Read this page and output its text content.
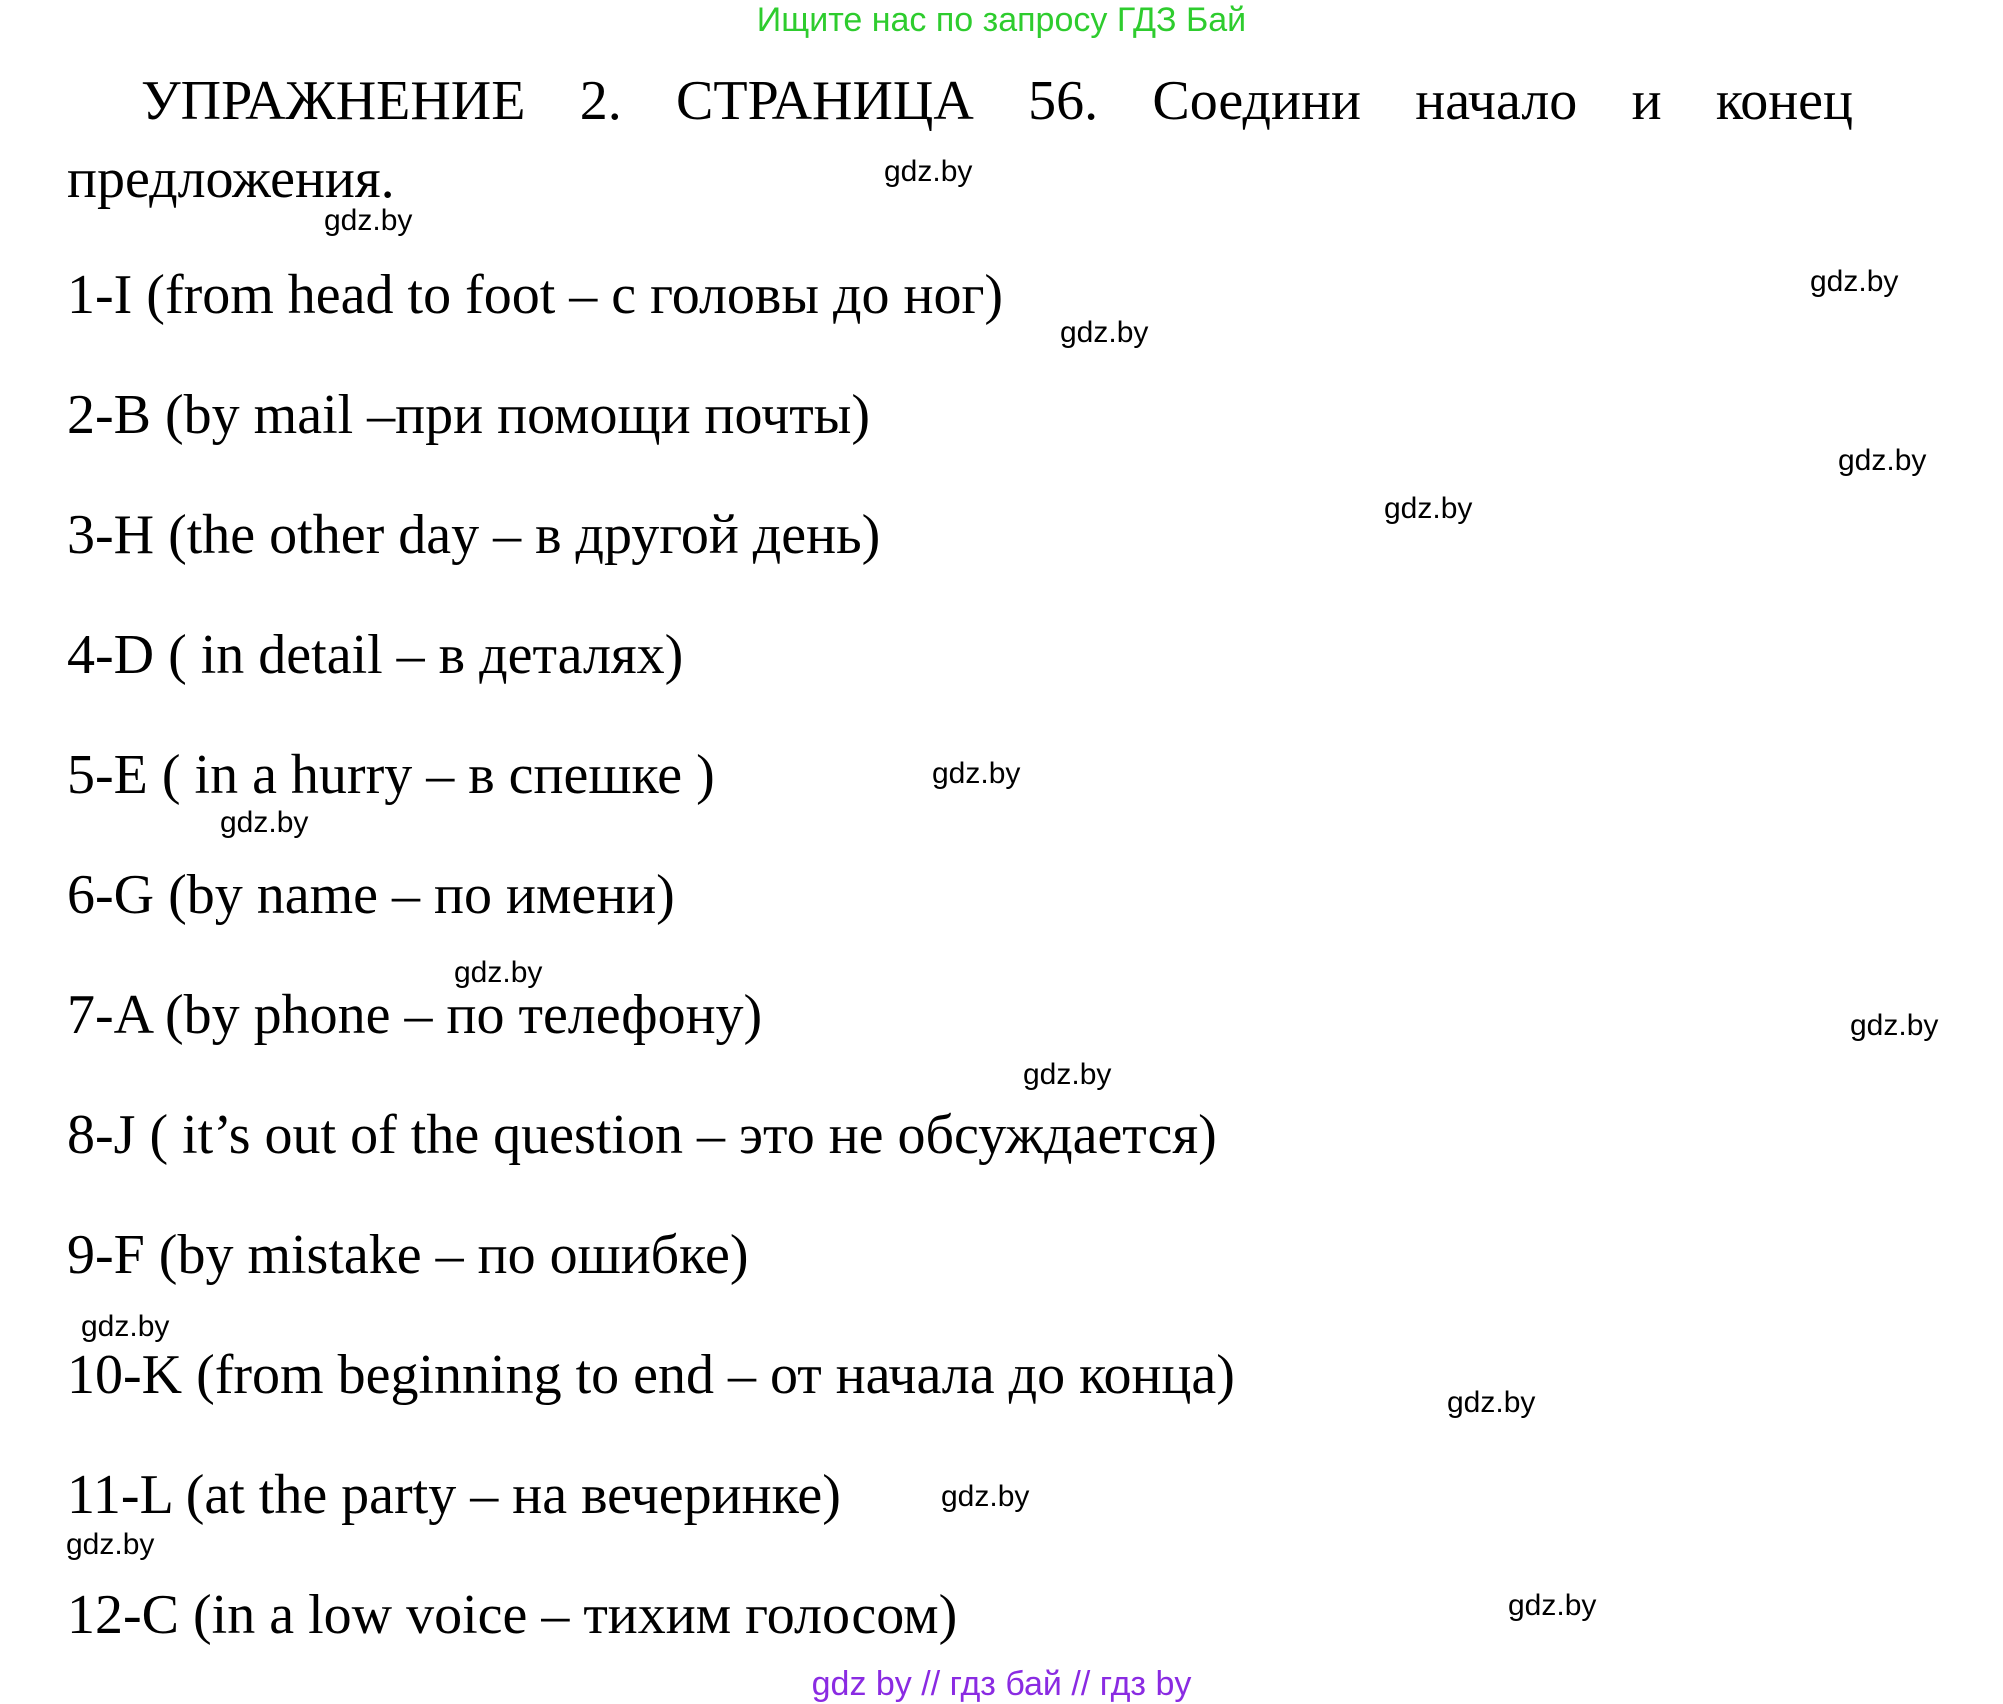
Ищите нас по запросу ГДЗ Бай
УПРАЖНЕНИЕ 2. СТРАНИЦА 56. Соедини начало и конец предложения.
1-I (from head to foot – с головы до ног)
2-B (by mail –при помощи почты)
3-H (the other day – в другой день)
4-D ( in detail – в деталях)
5-E ( in a hurry – в спешке )
6-G (by name – по имени)
7-A (by phone – по телефону)
8-J ( it’s out of the question – это не обсуждается)
9-F (by mistake – по ошибке)
10-K (from beginning to end – от начала до конца)
11-L (at the party – на вечеринке)
12-C (in a low voice – тихим голосом)
gdz.by
gdz.by
gdz.by
gdz.by
gdz.by
gdz.by
gdz.by
gdz.by
gdz.by
gdz.by
gdz.by
gdz.by
gdz.by
gdz.by
gdz.by
gdz.by
gdz by // гдз бай // гдз by
